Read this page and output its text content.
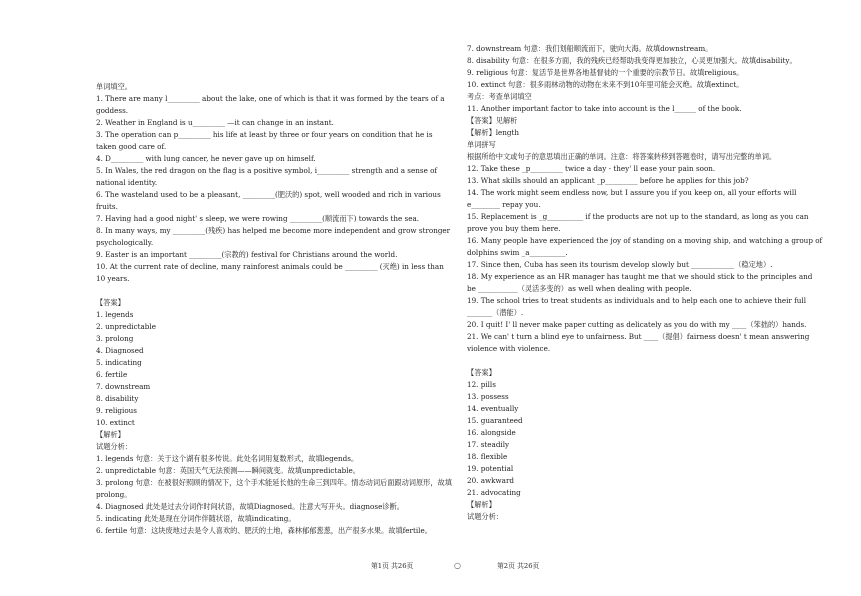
单词填空。
1. There are many l_________ about the lake, one of which is that it was formed by the tears of a goddess.
2. Weather in England is u_________ —it can change in an instant.
3. The operation can p_________ his life at least by three or four years on condition that he is taken good care of.
4. D_________ with lung cancer, he never gave up on himself.
5. In Wales, the red dragon on the flag is a positive symbol, i_________ strength and a sense of national identity.
6. The wasteland used to be a pleasant, _________(肥沃的) spot, well wooded and rich in various fruits.
7. Having had a good night' s sleep, we were rowing _________(顺流而下) towards the sea.
8. In many ways, my _________(残疾) has helped me become more independent and grow stronger psychologically.
9. Easter is an important _________(宗教的) festival for Christians around the world.
10. At the current rate of decline, many rainforest animals could be _________ (灭绝) in less than 10 years.
【答案】
1. legends
2. unpredictable
3. prolong
4. Diagnosed
5. indicating
6. fertile
7. downstream
8. disability
9. religious
10. extinct
【解析】
试题分析：
1. legends 句意：关于这个湖有很多传说。此处名词用复数形式，故填legends。
2. unpredictable 句意：英国天气无法预测——瞬间就变。故填unpredictable。
3. prolong 句意：在被很好照顾的情况下，这个手术能延长他的生命三到四年。情态动词后面跟动词原形，故填prolong。
4. Diagnosed 此处是过去分词作时间状语，故填Diagnosed。注意大写开头。diagnose诊断。
5. indicating 此处是现在分词作伴随状语，故填indicating。
6. fertile 句意：这块废地过去是令人喜欢的、肥沃的土地，森林郁郁葱葱，出产很多水果。故填fertile。
7. downstream 句意：我们划船顺流而下，驶向大海。故填downstream。
8. disability 句意：在很多方面，我的残疾已经帮助我变得更加独立，心灵更加强大。故填disability。
9. religious 句意：复活节是世界各地基督徒的一个重要的宗教节日。故填religious。
10. extinct 句意：很多雨林动物的动物在未来不到10年里可能会灭绝。故填extinct。
考点：考查单词填空
11. Another important factor to take into account is the l______ of the book.
【答案】见解析
【解析】length
单词拼写
根据所给中文或句子的意思填出正确的单词。注意：将答案转移到答题卷时，请写出完整的单词。
12. Take these _p_________ twice a day - they' ll ease your pain soon.
13. What skills should an applicant _p_________ before he applies for this job?
14. The work might seem endless now, but I assure you if you keep on, all your efforts will e________ repay you.
15. Replacement is _g__________ if the products are not up to the standard, as long as you can prove you buy them here.
16. Many people have experienced the joy of standing on a moving ship, and watching a group of dolphins swim _a__________.
17. Since then, Cuba has seen its tourism develop slowly but ____________（稳定地）.
18. My experience as an HR manager has taught me that we should stick to the principles and be ___________（灵活多变的）as well when dealing with people.
19. The school tries to treat students as individuals and to help each one to achieve their full _______（潜能）.
20. I quit! I' ll never make paper cutting as delicately as you do with my ____（笨拙的）hands.
21. We can' t turn a blind eye to unfairness. But ____（提倡）fairness doesn' t mean answering violence with violence.
【答案】
12. pills
13. possess
14. eventually
15. guaranteed
16. alongside
17. steadily
18. flexible
19. potential
20. awkward
21. advocating
【解析】
试题分析：
第1页 共26页	○	第2页 共26页
